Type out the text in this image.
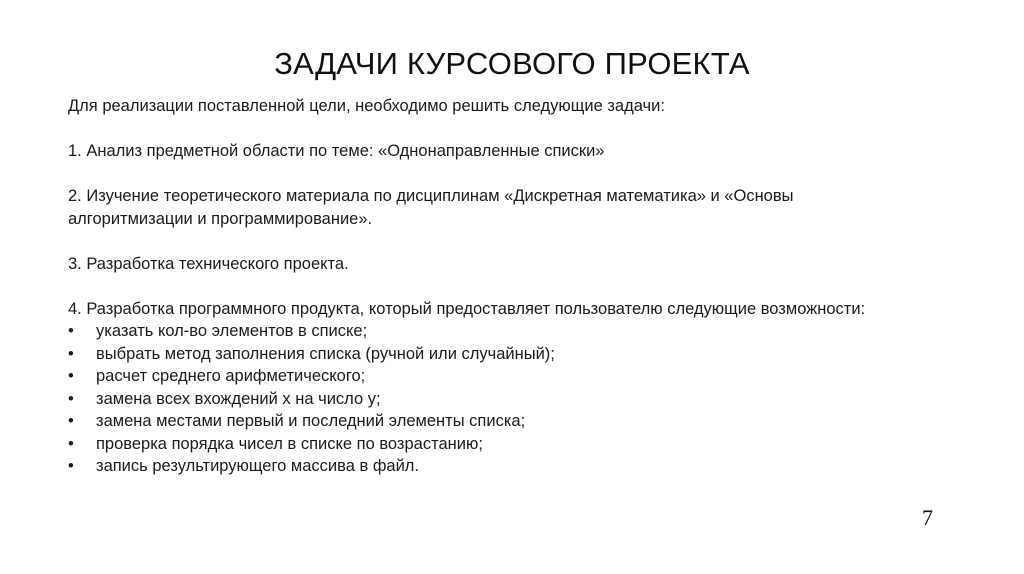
ЗАДАЧИ КУРСОВОГО ПРОЕКТА

Для реализации поставленной цели, необходимо решить следующие задачи:

1. Анализ предметной области по теме: «Однонаправленные списки»

2. Изучение теоретического материала по дисциплинам «Дискретная математика» и «Основы

алгоритмизации и программирование».

3. Разработка технического проекта.

4. Разработка программного продукта, который предоставляет пользователю следующие возможности:

• указать кол-во элементов в списке;
• выбрать метод заполнения списка (ручной или случайный);
• расчет среднего арифметического;
• замена всех вхождений x на число y;
• замена местами первый и последний элементы списка;
• проверка порядка чисел в списке по возрастанию;
• запись результирующего массива в файл.
7
